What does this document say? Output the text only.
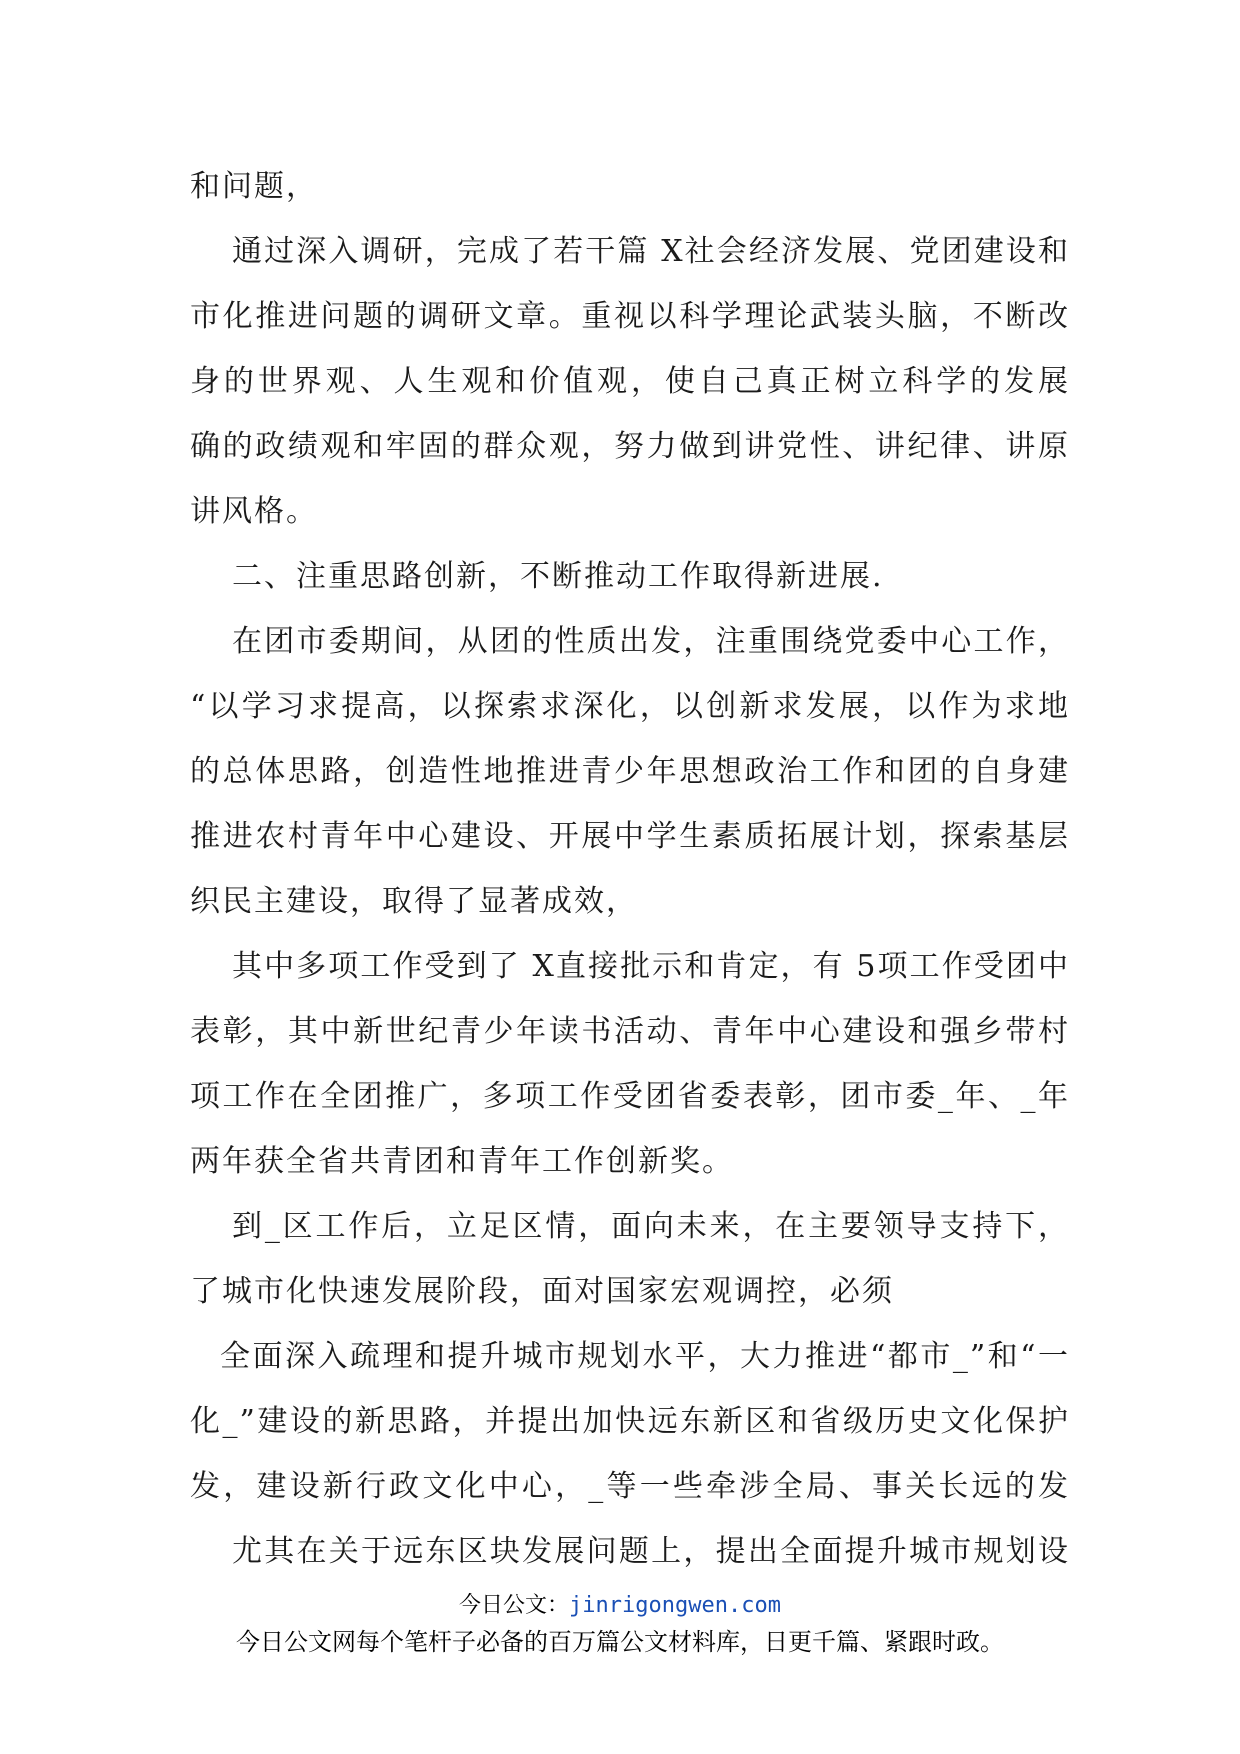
和问题，
通过深入调研，完成了若干篇 X社会经济发展、党团建设和
市化推进问题的调研文章。重视以科学理论武装头脑，不断改
身的世界观、人生观和价值观，使自己真正树立科学的发展
确的政绩观和牢固的群众观，努力做到讲党性、讲纪律、讲原
讲风格。
二、注重思路创新，不断推动工作取得新进展.
在团市委期间，从团的性质出发，注重围绕党委中心工作，
“以学习求提高，以探索求深化，以创新求发展，以作为求地
的总体思路，创造性地推进青少年思想政治工作和团的自身建
推进农村青年中心建设、开展中学生素质拓展计划，探索基层
织民主建设，取得了显著成效，
其中多项工作受到了 X直接批示和肯定，有 5项工作受团中
表彰，其中新世纪青少年读书活动、青年中心建设和强乡带村
项工作在全团推广，多项工作受团省委表彰，团市委_年、_年
两年获全省共青团和青年工作创新奖。
到_区工作后，立足区情，面向未来，在主要领导支持下，
了城市化快速发展阶段，面对国家宏观调控，必须
全面深入疏理和提升城市规划水平，大力推进“都市_”和“一
化_”建设的新思路，并提出加快远东新区和省级历史文化保护
发，建设新行政文化中心，_等一些牵涉全局、事关长远的发
尤其在关于远东区块发展问题上，提出全面提升城市规划设
今日公文：jinrigongwen.com
今日公文网每个笔杆子必备的百万篇公文材料库，日更千篇、紧跟时政。
